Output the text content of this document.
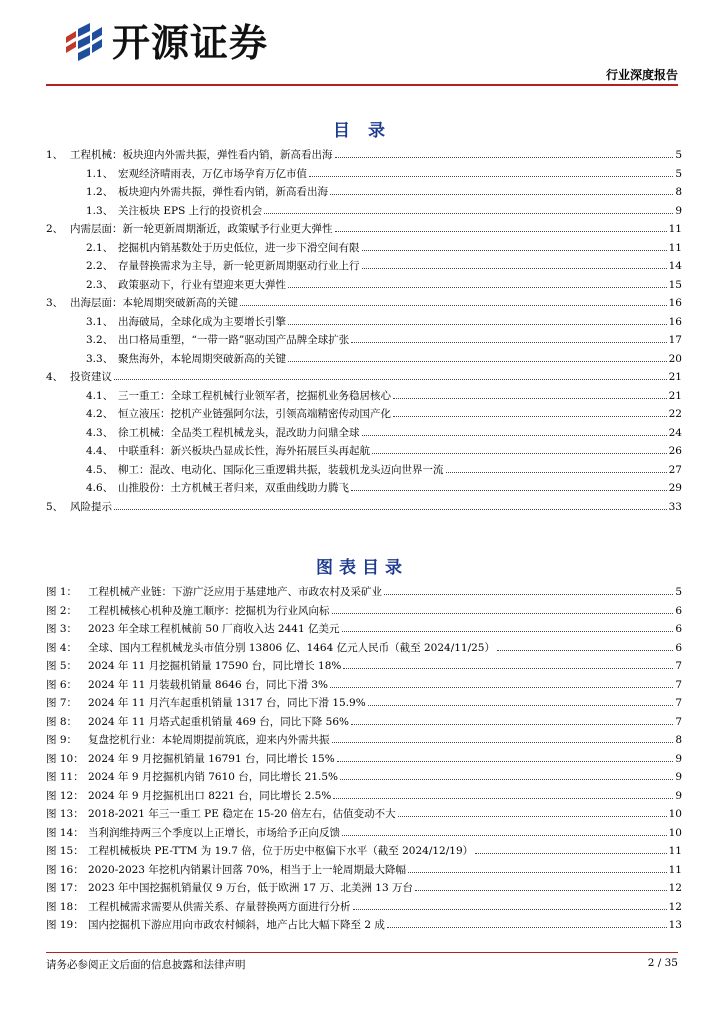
开源证券
行业深度报告
目 录
1、 工程机械：板块迎内外需共振，弹性看内销，新高看出海	5
1.1、 宏观经济晴雨表，万亿市场孕育万亿市值	5
1.2、 板块迎内外需共振，弹性看内销，新高看出海	8
1.3、 关注板块 EPS 上行的投资机会	9
2、 内需层面：新一轮更新周期渐近，政策赋予行业更大弹性	11
2.1、 挖掘机内销基数处于历史低位，进一步下滑空间有限	11
2.2、 存量替换需求为主导，新一轮更新周期驱动行业上行	14
2.3、 政策驱动下，行业有望迎来更大弹性	15
3、 出海层面：本轮周期突破新高的关键	16
3.1、 出海破局，全球化成为主要增长引擎	16
3.2、 出口格局重塑，“一带一路”驱动国产品牌全球扩张	17
3.3、 聚焦海外，本轮周期突破新高的关键	20
4、 投资建议	21
4.1、 三一重工：全球工程机械行业领军者，挖掘机业务稳居核心	21
4.2、 恒立液压：挖机产业链强阿尔法，引领高端精密传动国产化	22
4.3、 徐工机械：全品类工程机械龙头，混改助力问鼎全球	24
4.4、 中联重科：新兴板块凸显成长性，海外拓展巨头再起航	26
4.5、 柳工：混改、电动化、国际化三重逻辑共振，装载机龙头迈向世界一流	27
4.6、 山推股份：土方机械王者归来，双重曲线助力腾飞	29
5、 风险提示	33
图表目录
图 1：	工程机械产业链：下游广泛应用于基建地产、市政农村及采矿业	5
图 2：	工程机械核心机种及施工顺序：挖掘机为行业风向标	6
图 3：	2023 年全球工程机械前 50 厂商收入达 2441 亿美元	6
图 4：	全球、国内工程机械龙头市值分别 13806 亿、1464 亿元人民币（截至 2024/11/25）	6
图 5：	2024 年 11 月挖掘机销量 17590 台，同比增长 18%	7
图 6：	2024 年 11 月装载机销量 8646 台，同比下滑 3%	7
图 7：	2024 年 11 月汽车起重机销量 1317 台，同比下滑 15.9%	7
图 8：	2024 年 11 月塔式起重机销量 469 台，同比下降 56%	7
图 9：	复盘挖机行业：本轮周期提前筑底，迎来内外需共振	8
图 10： 2024 年 9 月挖掘机销量 16791 台，同比增长 15%	9
图 11： 2024 年 9 月挖掘机内销 7610 台，同比增长 21.5%	9
图 12： 2024 年 9 月挖掘机出口 8221 台，同比增长 2.5%	9
图 13： 2018-2021 年三一重工 PE 稳定在 15-20 倍左右，估值变动不大	10
图 14： 当利润维持两三个季度以上正增长，市场给予正向反馈	10
图 15： 工程机械板块 PE-TTM 为 19.7 倍，位于历史中枢偏下水平（截至 2024/12/19）	11
图 16： 2020-2023 年挖机内销累计回落 70%，相当于上一轮周期最大降幅	11
图 17： 2023 年中国挖掘机销量仅 9 万台，低于欧洲 17 万、北美洲 13 万台	12
图 18： 工程机械需求需要从供需关系、存量替换两方面进行分析	12
图 19： 国内挖掘机下游应用向市政农村倾斜，地产占比大幅下降至 2 成	13
请务必参阅正文后面的信息披露和法律声明	2 / 35
